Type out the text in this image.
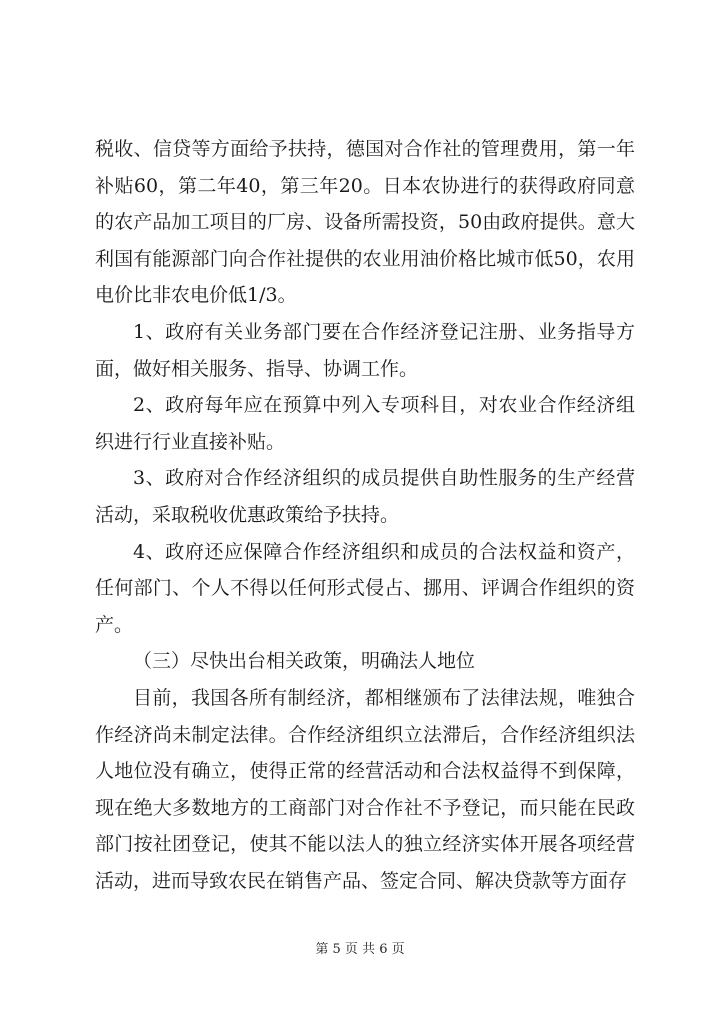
税收、信贷等方面给予扶持，德国对合作社的管理费用，第一年补贴60，第二年40，第三年20。日本农协进行的获得政府同意的农产品加工项目的厂房、设备所需投资，50由政府提供。意大利国有能源部门向合作社提供的农业用油价格比城市低50，农用电价比非农电价低1/3。

1、政府有关业务部门要在合作经济登记注册、业务指导方面，做好相关服务、指导、协调工作。

2、政府每年应在预算中列入专项科目，对农业合作经济组织进行行业直接补贴。

3、政府对合作经济组织的成员提供自助性服务的生产经营活动，采取税收优惠政策给予扶持。

4、政府还应保障合作经济组织和成员的合法权益和资产，任何部门、个人不得以任何形式侵占、挪用、评调合作组织的资产。

（三）尽快出台相关政策，明确法人地位

目前，我国各所有制经济，都相继颁布了法律法规，唯独合作经济尚未制定法律。合作经济组织立法滞后，合作经济组织法人地位没有确立，使得正常的经营活动和合法权益得不到保障，现在绝大多数地方的工商部门对合作社不予登记，而只能在民政部门按社团登记，使其不能以法人的独立经济实体开展各项经营活动，进而导致农民在销售产品、签定合同、解决贷款等方面存

第 5 页 共 6 页
